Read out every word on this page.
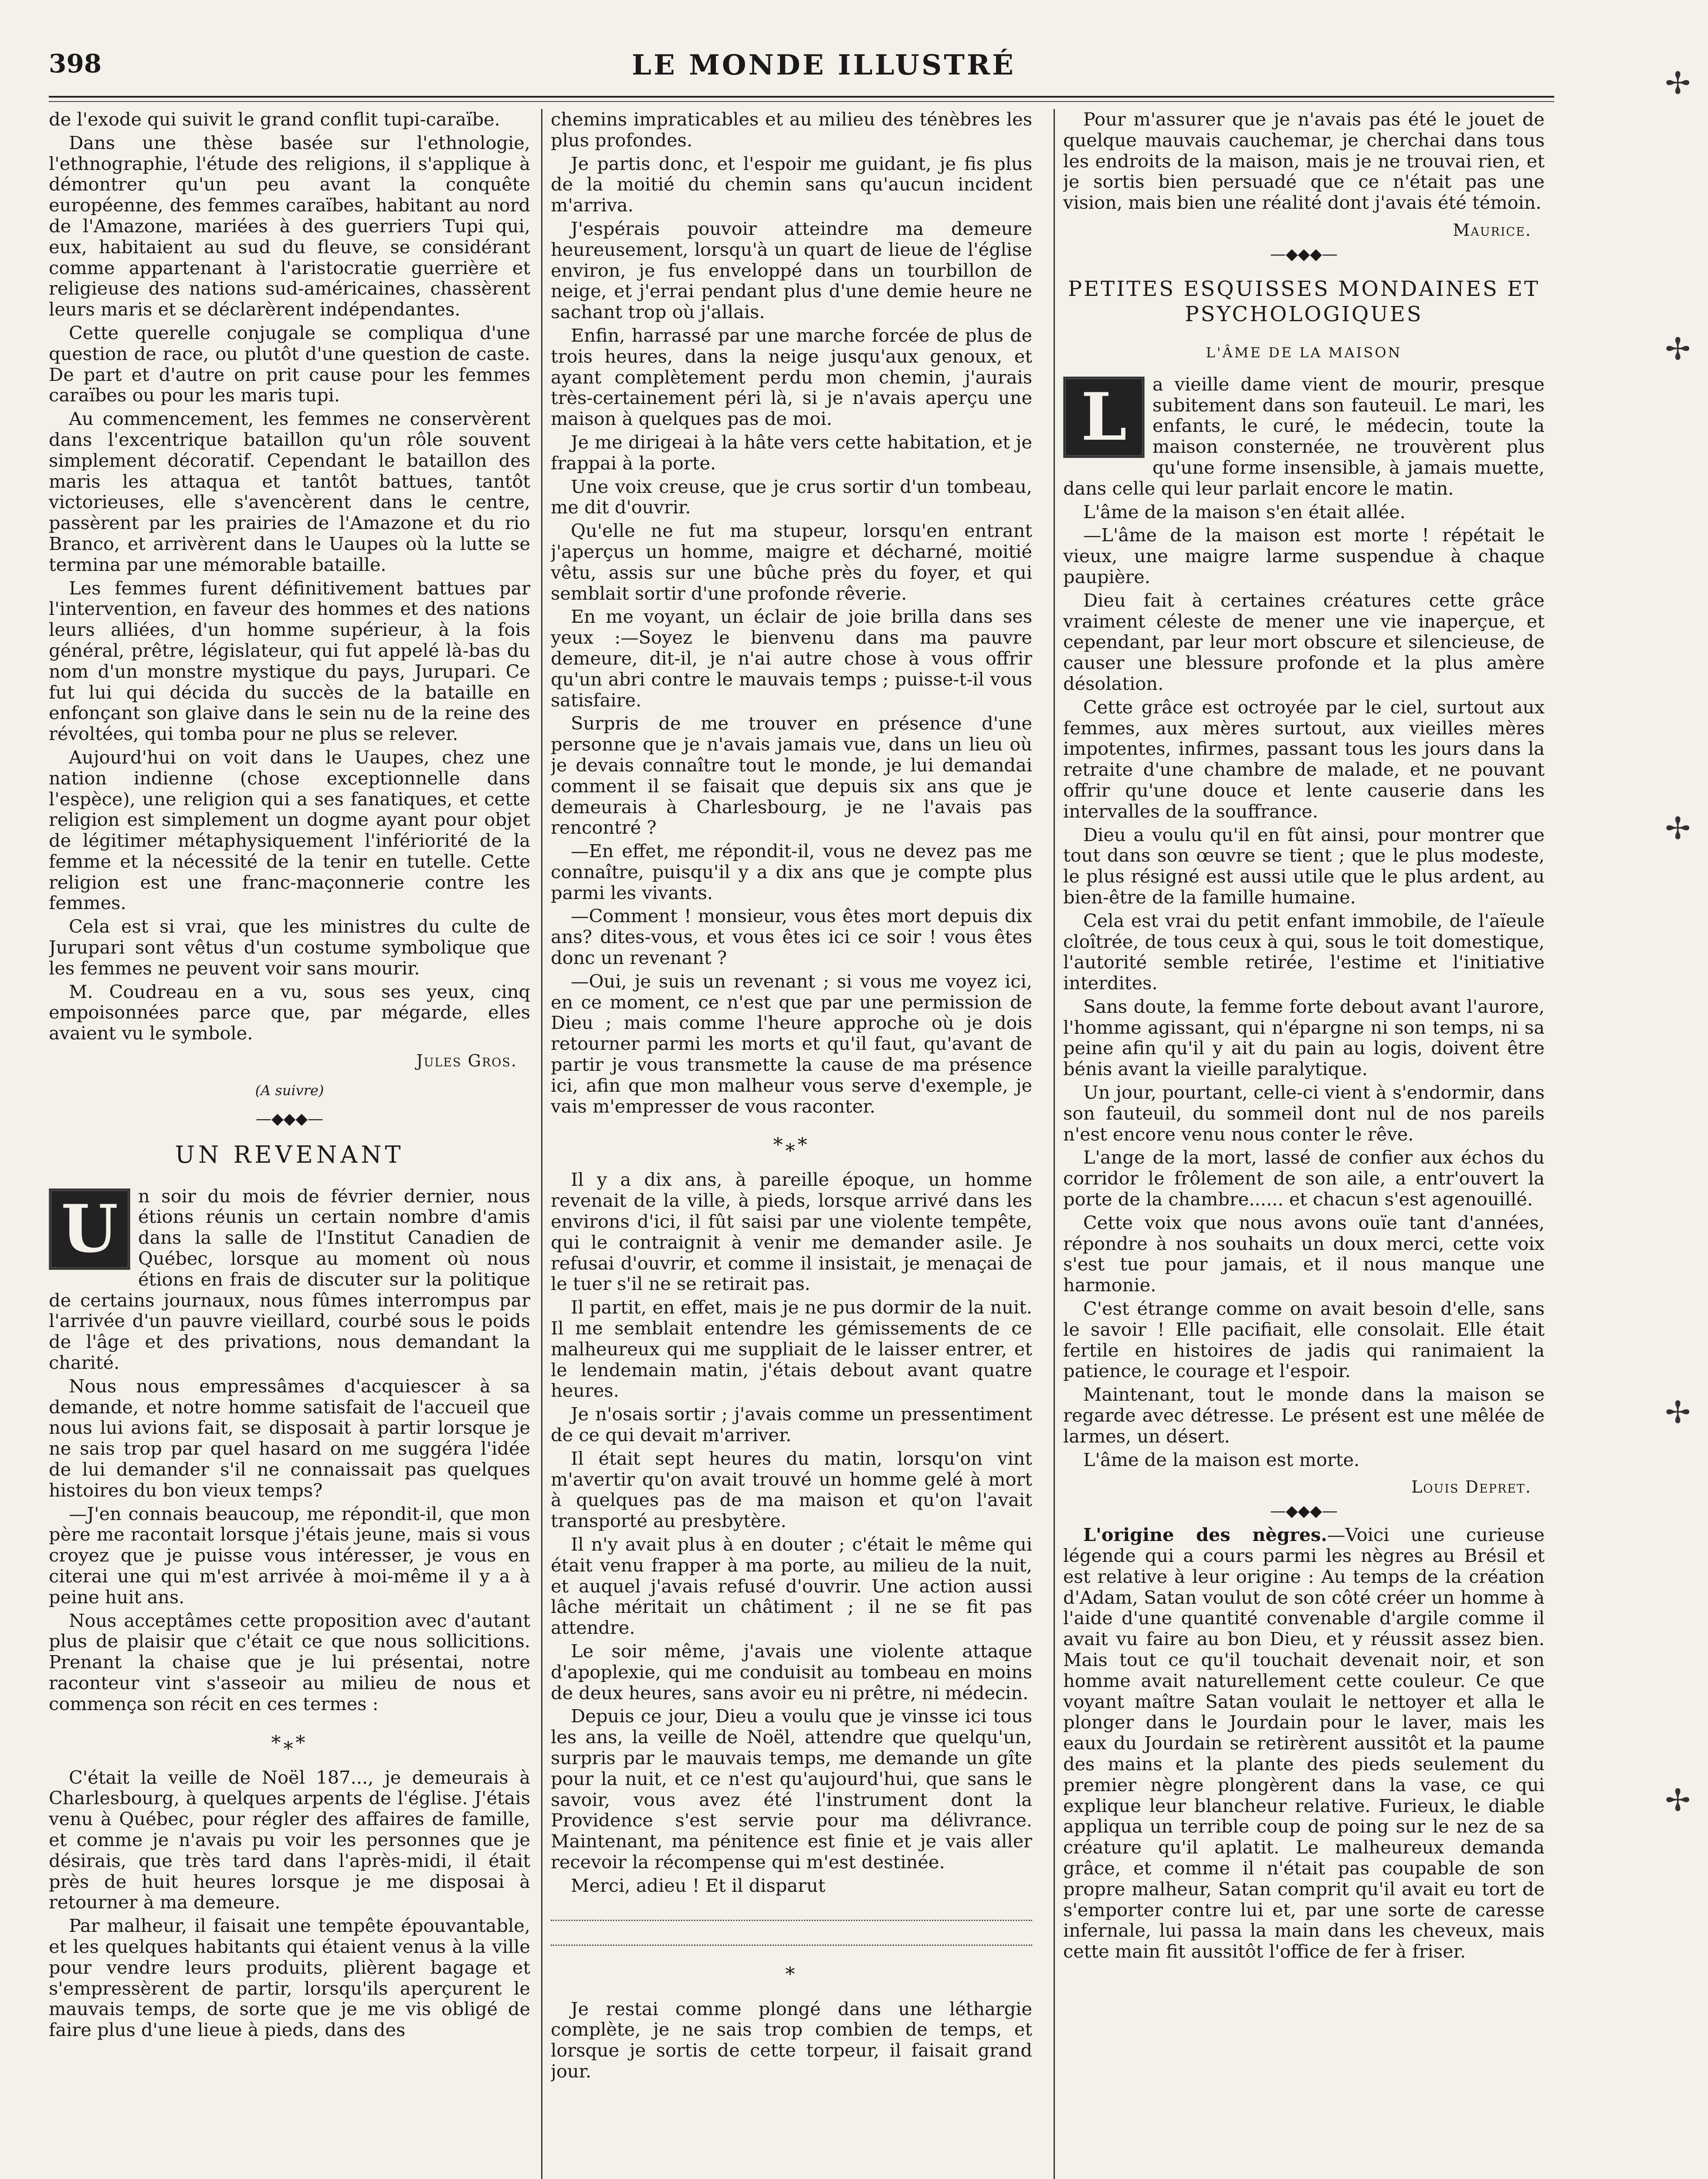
398	LE MONDE ILLUSTRÉ

de l'exode qui suivit le grand conflit tupi-caraïbe.

Dans une thèse basée sur l'ethnologie, l'ethnographie, l'étude des religions, il s'applique à démontrer qu'un peu avant la conquête européenne, des femmes caraïbes, habitant au nord de l'Amazone, mariées à des guerriers Tupi qui, eux, habitaient au sud du fleuve, se considérant comme appartenant à l'aristocratie guerrière et religieuse des nations sud-américaines, chassèrent leurs maris et se déclarèrent indépendantes.

Cette querelle conjugale se compliqua d'une question de race, ou plutôt d'une question de caste. De part et d'autre on prit cause pour les femmes caraïbes ou pour les maris tupi.

Au commencement, les femmes ne conservèrent dans l'excentrique bataillon qu'un rôle souvent simplement décoratif. Cependant le bataillon des maris les attaqua et tantôt battues, tantôt victorieuses, elle s'avencèrent dans le centre, passèrent par les prairies de l'Amazone et du rio Branco, et arrivèrent dans le Uaupes où la lutte se termina par une mémorable bataille.

Les femmes furent définitivement battues par l'intervention, en faveur des hommes et des nations leurs alliées, d'un homme supérieur, à la fois général, prêtre, législateur, qui fut appelé là-bas du nom d'un monstre mystique du pays, Jurupari. Ce fut lui qui décida du succès de la bataille en enfonçant son glaive dans le sein nu de la reine des révoltées, qui tomba pour ne plus se relever.

Aujourd'hui on voit dans le Uaupes, chez une nation indienne (chose exceptionnelle dans l'espèce), une religion qui a ses fanatiques, et cette religion est simplement un dogme ayant pour objet de légitimer métaphysiquement l'infériorité de la femme et la nécessité de la tenir en tutelle. Cette religion est une franc-maçonnerie contre les femmes.

Cela est si vrai, que les ministres du culte de Jurupari sont vêtus d'un costume symbolique que les femmes ne peuvent voir sans mourir.

M. Coudreau en a vu, sous ses yeux, cinq empoisonnées parce que, par mégarde, elles avaient vu le symbole.

Jules Gros.

(A suivre)

—◆◆◆—
UN REVENANT
U	n soir du mois de février dernier, nous étions réunis un certain nombre d'amis dans la salle de l'Institut Canadien de Québec, lorsque au moment où nous étions en frais de discuter sur la politique de certains journaux, nous fûmes interrompus par l'arrivée d'un pauvre vieillard, courbé sous le poids de l'âge et des privations, nous demandant la charité.

Nous nous empressâmes d'acquiescer à sa demande, et notre homme satisfait de l'accueil que nous lui avions fait, se disposait à partir lorsque je ne sais trop par quel hasard on me suggéra l'idée de lui demander s'il ne connaissait pas quelques histoires du bon vieux temps?

—J'en connais beaucoup, me répondit-il, que mon père me racontait lorsque j'étais jeune, mais si vous croyez que je puisse vous intéresser, je vous en citerai une qui m'est arrivée à moi-même il y a à peine huit ans.

Nous acceptâmes cette proposition avec d'autant plus de plaisir que c'était ce que nous sollicitions. Prenant la chaise que je lui présentai, notre raconteur vint s'asseoir au milieu de nous et commença son récit en ces termes :

*⁎*

C'était la veille de Noël 187..., je demeurais à Charlesbourg, à quelques arpents de l'église. J'étais venu à Québec, pour régler des affaires de famille, et comme je n'avais pu voir les personnes que je désirais, que très tard dans l'après-midi, il était près de huit heures lorsque je me disposai à retourner à ma demeure.

Par malheur, il faisait une tempête épouvantable, et les quelques habitants qui étaient venus à la ville pour vendre leurs produits, plièrent bagage et s'empressèrent de partir, lorsqu'ils aperçurent le mauvais temps, de sorte que je me vis obligé de faire plus d'une lieue à pieds, dans des

chemins impraticables et au milieu des ténèbres les plus profondes.

Je partis donc, et l'espoir me guidant, je fis plus de la moitié du chemin sans qu'aucun incident m'arriva.

J'espérais pouvoir atteindre ma demeure heureusement, lorsqu'à un quart de lieue de l'église environ, je fus enveloppé dans un tourbillon de neige, et j'errai pendant plus d'une demie heure ne sachant trop où j'allais.

Enfin, harrassé par une marche forcée de plus de trois heures, dans la neige jusqu'aux genoux, et ayant complètement perdu mon chemin, j'aurais très-certainement péri là, si je n'avais aperçu une maison à quelques pas de moi.

Je me dirigeai à la hâte vers cette habitation, et je frappai à la porte.

Une voix creuse, que je crus sortir d'un tombeau, me dit d'ouvrir.

Qu'elle ne fut ma stupeur, lorsqu'en entrant j'aperçus un homme, maigre et décharné, moitié vêtu, assis sur une bûche près du foyer, et qui semblait sortir d'une profonde rêverie.

En me voyant, un éclair de joie brilla dans ses yeux :—Soyez le bienvenu dans ma pauvre demeure, dit-il, je n'ai autre chose à vous offrir qu'un abri contre le mauvais temps ; puisse-t-il vous satisfaire.

Surpris de me trouver en présence d'une personne que je n'avais jamais vue, dans un lieu où je devais connaître tout le monde, je lui demandai comment il se faisait que depuis six ans que je demeurais à Charlesbourg, je ne l'avais pas rencontré ?

—En effet, me répondit-il, vous ne devez pas me connaître, puisqu'il y a dix ans que je compte plus parmi les vivants.

—Comment ! monsieur, vous êtes mort depuis dix ans? dites-vous, et vous êtes ici ce soir ! vous êtes donc un revenant ?

—Oui, je suis un revenant ; si vous me voyez ici, en ce moment, ce n'est que par une permission de Dieu ; mais comme l'heure approche où je dois retourner parmi les morts et qu'il faut, qu'avant de partir je vous transmette la cause de ma présence ici, afin que mon malheur vous serve d'exemple, je vais m'empresser de vous raconter.

*⁎*

Il y a dix ans, à pareille époque, un homme revenait de la ville, à pieds, lorsque arrivé dans les environs d'ici, il fût saisi par une violente tempête, qui le contraignit à venir me demander asile. Je refusai d'ouvrir, et comme il insistait, je menaçai de le tuer s'il ne se retirait pas.

Il partit, en effet, mais je ne pus dormir de la nuit. Il me semblait entendre les gémissements de ce malheureux qui me suppliait de le laisser entrer, et le lendemain matin, j'étais debout avant quatre heures.

Je n'osais sortir ; j'avais comme un pressentiment de ce qui devait m'arriver.

Il était sept heures du matin, lorsqu'on vint m'avertir qu'on avait trouvé un homme gelé à mort à quelques pas de ma maison et qu'on l'avait transporté au presbytère.

Il n'y avait plus à en douter ; c'était le même qui était venu frapper à ma porte, au milieu de la nuit, et auquel j'avais refusé d'ouvrir. Une action aussi lâche méritait un châtiment ; il ne se fit pas attendre.

Le soir même, j'avais une violente attaque d'apoplexie, qui me conduisit au tombeau en moins de deux heures, sans avoir eu ni prêtre, ni médecin.

Depuis ce jour, Dieu a voulu que je vinsse ici tous les ans, la veille de Noël, attendre que quelqu'un, surpris par le mauvais temps, me demande un gîte pour la nuit, et ce n'est qu'aujourd'hui, que sans le savoir, vous avez été l'instrument dont la Providence s'est servie pour ma délivrance. Maintenant, ma pénitence est finie et je vais aller recevoir la récompense qui m'est destinée.

Merci, adieu ! Et il disparut

*

Je restai comme plongé dans une léthargie complète, je ne sais trop combien de temps, et lorsque je sortis de cette torpeur, il faisait grand jour.

Pour m'assurer que je n'avais pas été le jouet de quelque mauvais cauchemar, je cherchai dans tous les endroits de la maison, mais je ne trouvai rien, et je sortis bien persuadé que ce n'était pas une vision, mais bien une réalité dont j'avais été témoin.

Maurice.

—◆◆◆—
PETITES ESQUISSES MONDAINES ET PSYCHOLOGIQUES
L'ÂME DE LA MAISON
L	a vieille dame vient de mourir, presque subitement dans son fauteuil. Le mari, les enfants, le curé, le médecin, toute la maison consternée, ne trouvèrent plus qu'une forme insensible, à jamais muette, dans celle qui leur parlait encore le matin.

L'âme de la maison s'en était allée.

—L'âme de la maison est morte ! répétait le vieux, une maigre larme suspendue à chaque paupière.

Dieu fait à certaines créatures cette grâce vraiment céleste de mener une vie inaperçue, et cependant, par leur mort obscure et silencieuse, de causer une blessure profonde et la plus amère désolation.

Cette grâce est octroyée par le ciel, surtout aux femmes, aux mères surtout, aux vieilles mères impotentes, infirmes, passant tous les jours dans la retraite d'une chambre de malade, et ne pouvant offrir qu'une douce et lente causerie dans les intervalles de la souffrance.

Dieu a voulu qu'il en fût ainsi, pour montrer que tout dans son œuvre se tient ; que le plus modeste, le plus résigné est aussi utile que le plus ardent, au bien-être de la famille humaine.

Cela est vrai du petit enfant immobile, de l'aïeule cloîtrée, de tous ceux à qui, sous le toit domestique, l'autorité semble retirée, l'estime et l'initiative interdites.

Sans doute, la femme forte debout avant l'aurore, l'homme agissant, qui n'épargne ni son temps, ni sa peine afin qu'il y ait du pain au logis, doivent être bénis avant la vieille paralytique.

Un jour, pourtant, celle-ci vient à s'endormir, dans son fauteuil, du sommeil dont nul de nos pareils n'est encore venu nous conter le rêve.

L'ange de la mort, lassé de confier aux échos du corridor le frôlement de son aile, a entr'ouvert la porte de la chambre...... et chacun s'est agenouillé.

Cette voix que nous avons ouïe tant d'années, répondre à nos souhaits un doux merci, cette voix s'est tue pour jamais, et il nous manque une harmonie.

C'est étrange comme on avait besoin d'elle, sans le savoir ! Elle pacifiait, elle consolait. Elle était fertile en histoires de jadis qui ranimaient la patience, le courage et l'espoir.

Maintenant, tout le monde dans la maison se regarde avec détresse. Le présent est une mêlée de larmes, un désert.

L'âme de la maison est morte.

Louis Depret.

—◆◆◆—

L'origine des nègres.—Voici une curieuse légende qui a cours parmi les nègres au Brésil et est relative à leur origine : Au temps de la création d'Adam, Satan voulut de son côté créer un homme à l'aide d'une quantité convenable d'argile comme il avait vu faire au bon Dieu, et y réussit assez bien. Mais tout ce qu'il touchait devenait noir, et son homme avait naturellement cette couleur. Ce que voyant maître Satan voulait le nettoyer et alla le plonger dans le Jourdain pour le laver, mais les eaux du Jourdain se retirèrent aussitôt et la paume des mains et la plante des pieds seulement du premier nègre plongèrent dans la vase, ce qui explique leur blancheur relative. Furieux, le diable appliqua un terrible coup de poing sur le nez de sa créature qu'il aplatit. Le malheureux demanda grâce, et comme il n'était pas coupable de son propre malheur, Satan comprit qu'il avait eu tort de s'emporter contre lui et, par une sorte de caresse infernale, lui passa la main dans les cheveux, mais cette main fit aussitôt l'office de fer à friser.

✢
✢
✢
✢
✢
